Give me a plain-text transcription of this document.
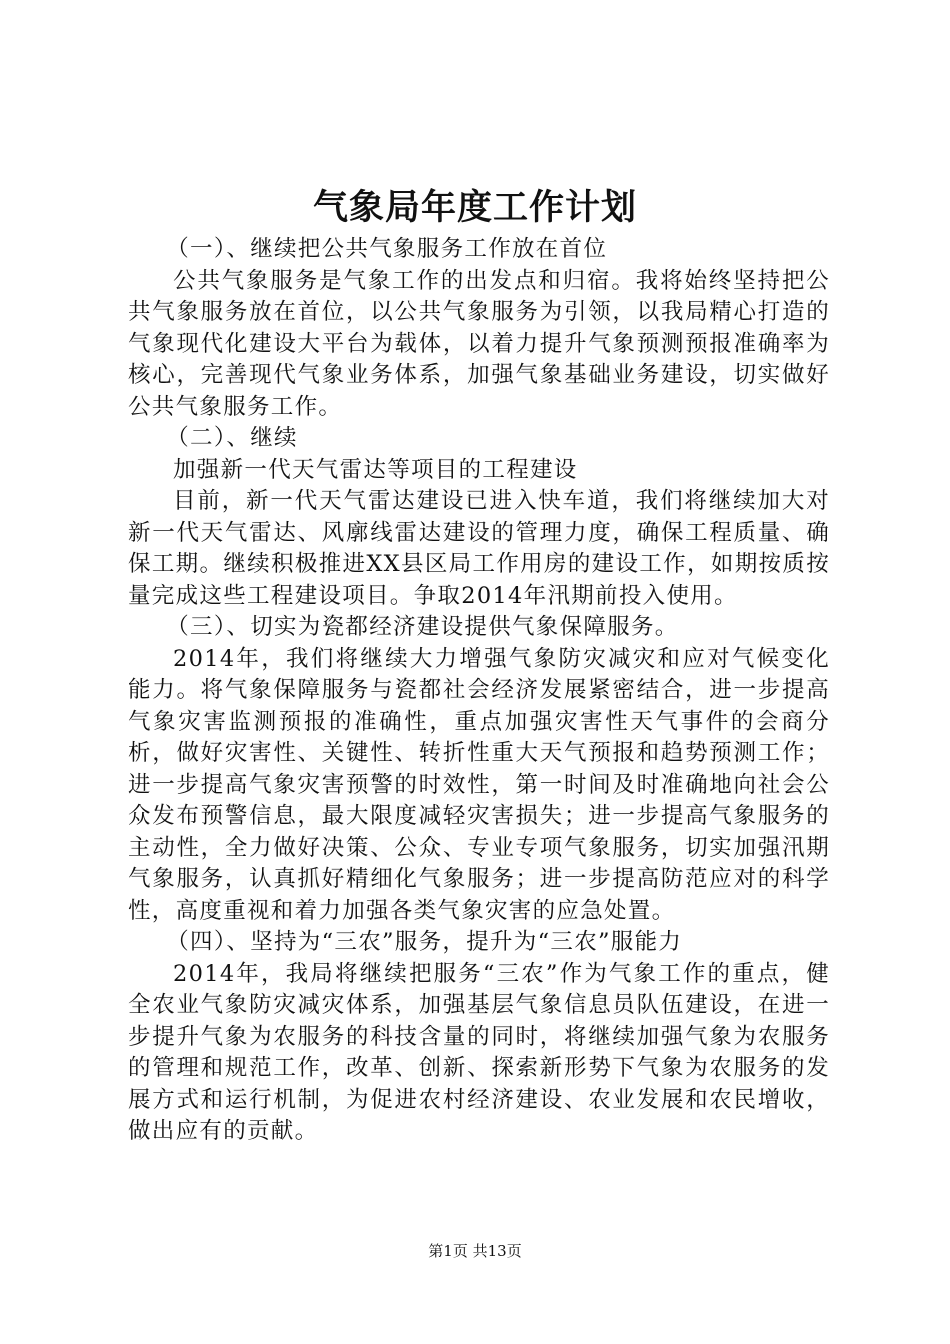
气象局年度工作计划

（一）、继续把公共气象服务工作放在首位

公共气象服务是气象工作的出发点和归宿。我将始终坚持把公共气象服务放在首位，以公共气象服务为引领，以我局精心打造的气象现代化建设大平台为载体，以着力提升气象预测预报准确率为核心，完善现代气象业务体系，加强气象基础业务建设，切实做好公共气象服务工作。

（二）、继续

加强新一代天气雷达等项目的工程建设

目前，新一代天气雷达建设已进入快车道，我们将继续加大对新一代天气雷达、风廓线雷达建设的管理力度，确保工程质量、确保工期。继续积极推进XX县区局工作用房的建设工作，如期按质按量完成这些工程建设项目。争取2014年汛期前投入使用。

（三）、切实为瓷都经济建设提供气象保障服务。

2014年，我们将继续大力增强气象防灾减灾和应对气候变化能力。将气象保障服务与瓷都社会经济发展紧密结合，进一步提高气象灾害监测预报的准确性，重点加强灾害性天气事件的会商分析，做好灾害性、关键性、转折性重大天气预报和趋势预测工作；进一步提高气象灾害预警的时效性，第一时间及时准确地向社会公众发布预警信息，最大限度减轻灾害损失；进一步提高气象服务的主动性，全力做好决策、公众、专业专项气象服务，切实加强汛期气象服务，认真抓好精细化气象服务；进一步提高防范应对的科学性，高度重视和着力加强各类气象灾害的应急处置。

（四）、坚持为“三农”服务，提升为“三农”服能力

2014年，我局将继续把服务“三农”作为气象工作的重点，健全农业气象防灾减灾体系，加强基层气象信息员队伍建设，在进一步提升气象为农服务的科技含量的同时，将继续加强气象为农服务的管理和规范工作，改革、创新、探索新形势下气象为农服务的发展方式和运行机制，为促进农村经济建设、农业发展和农民增收，做出应有的贡献。

第1页 共13页
